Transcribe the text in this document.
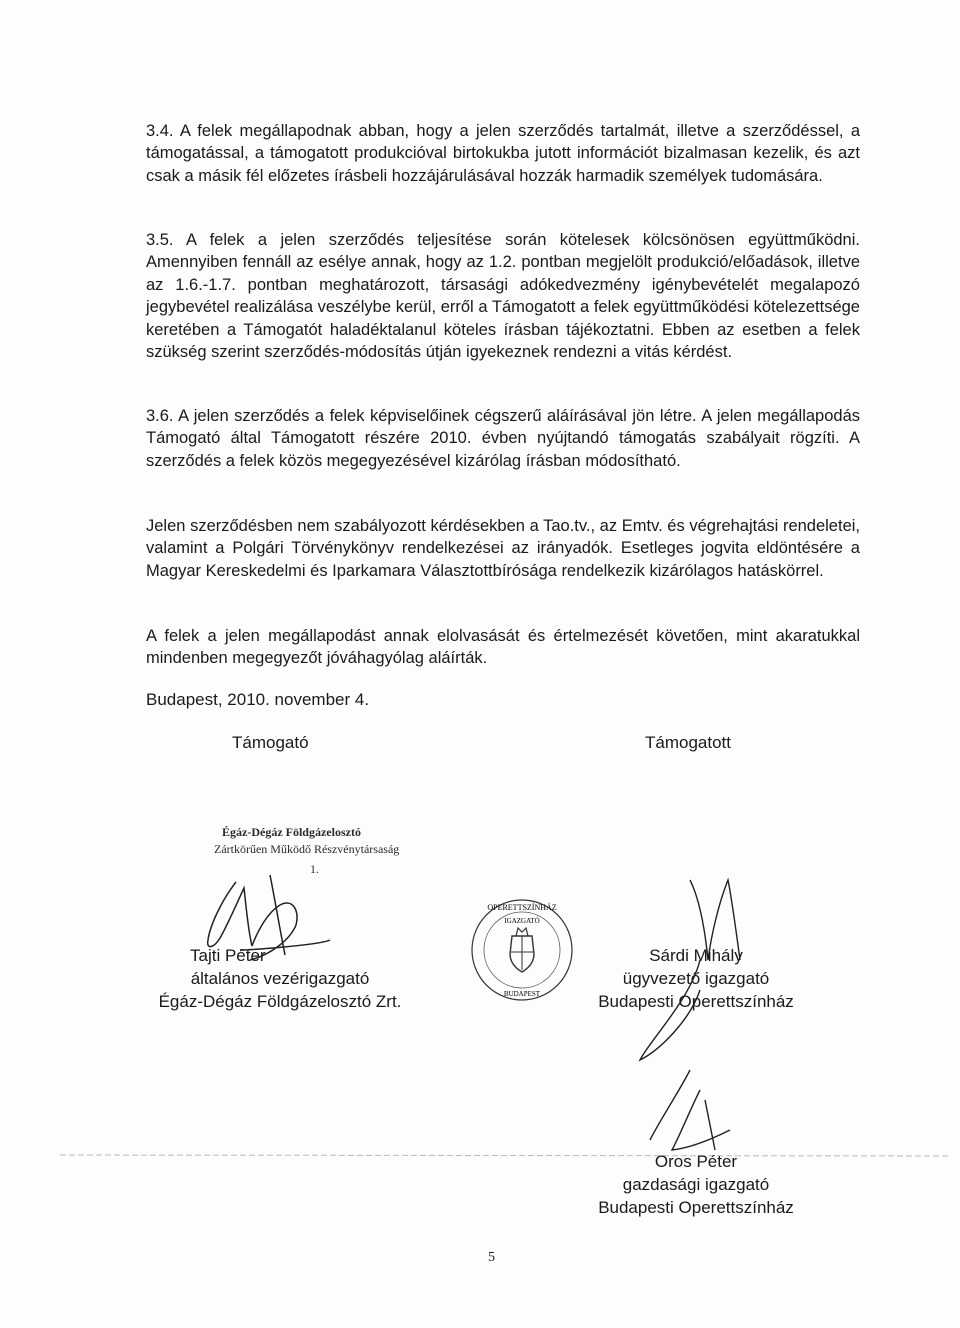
3.4. A felek megállapodnak abban, hogy a jelen szerződés tartalmát, illetve a szerződéssel, a támogatással, a támogatott produkcióval birtokukba jutott információt bizalmasan kezelik, és azt csak a másik fél előzetes írásbeli hozzájárulásával hozzák harmadik személyek tudomására.

3.5. A felek a jelen szerződés teljesítése során kötelesek kölcsönösen együttműködni. Amennyiben fennáll az esélye annak, hogy az 1.2. pontban megjelölt produkció/előadások, illetve az 1.6.-1.7. pontban meghatározott, társasági adókedvezmény igénybevételét megalapozó jegybevétel realizálása veszélybe kerül, erről a Támogatott a felek együttműködési kötelezettsége keretében a Támogatót haladéktalanul köteles írásban tájékoztatni. Ebben az esetben a felek szükség szerint szerződés-módosítás útján igyekeznek rendezni a vitás kérdést.

3.6. A jelen szerződés a felek képviselőinek cégszerű aláírásával jön létre. A jelen megállapodás Támogató által Támogatott részére 2010. évben nyújtandó támogatás szabályait rögzíti. A szerződés a felek közös megegyezésével kizárólag írásban módosítható.

Jelen szerződésben nem szabályozott kérdésekben a Tao.tv., az Emtv. és végrehajtási rendeletei, valamint a Polgári Törvénykönyv rendelkezései az irányadók. Esetleges jogvita eldöntésére a Magyar Kereskedelmi és Iparkamara Választottbírósága rendelkezik kizárólagos hatáskörrel.

A felek a jelen megállapodást annak elolvasását és értelmezését követően, mint akaratukkal mindenben megegyezőt jóváhagyólag aláírták.

Budapest, 2010. november 4.

Támogató	Támogatott
Égáz-Dégáz Földgázelosztó
Zártkörűen Működő Részvénytársaság
1.
OPERETTSZÍNHÁZ
IGAZGATÓ
BUDAPEST
Tajti Péter
általános vezérigazgató
Égáz-Dégáz Földgázelosztó Zrt.
Sárdi Mihály
ügyvezető igazgató
Budapesti Operettszínház
Oros Péter
gazdasági igazgató
Budapesti Operettszínház
5
